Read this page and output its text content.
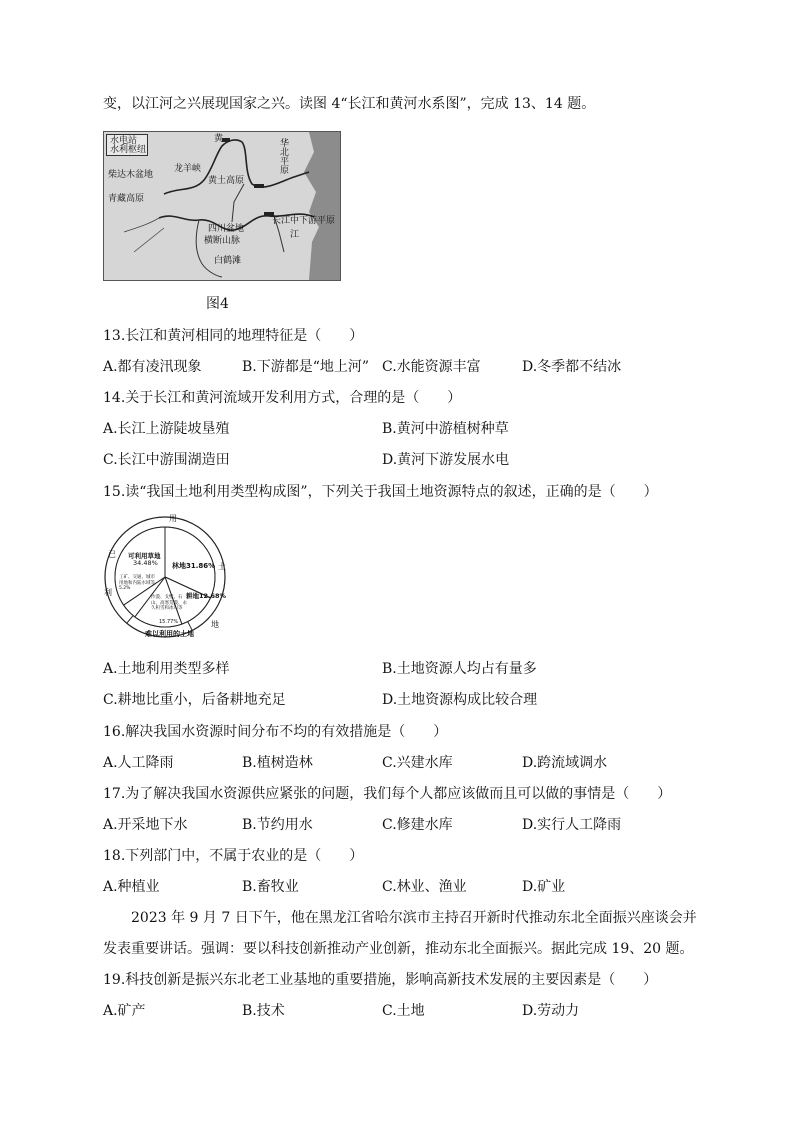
变，以江河之兴展现国家之兴。读图 4“长江和黄河水系图”，完成 13、14 题。
水电站
水利枢纽
黄	华北平原
龙羊峡
柴达木盆地
黄土高原
青藏高原
长江中下游平原
四川盆地
横断山脉
江
白鹤滩
图4
13.长江和黄河相同的地理特征是（　　）
A.都有凌汛现象	B.下游都是“地上河” C.水能资源丰富	D.冬季都不结冰
14.关于长江和黄河流域开发利用方式，合理的是（　　）
A.长江上游陡坡垦殖	B.黄河中游植树种草
C.长江中游围湖造田	D.黄河下游发展水电
15.读“我国土地利用类型构成图”，下列关于我国土地资源特点的叙述，正确的是（　　）
用
已
利
土
地
可利用草地
34.48% 林地31.86%
耕地12.68%
工矿、交通、城市用地和内陆水域等5.2%
沙漠、戈壁、石山、高寒荒漠、永久积雪和冰川等
15.77%
难以利用的土地
A.土地利用类型多样	B.土地资源人均占有量多
C.耕地比重小，后备耕地充足	D.土地资源构成比较合理
16.解决我国水资源时间分布不均的有效措施是（　　）
A.人工降雨	B.植树造林	C.兴建水库	D.跨流域调水
17.为了解决我国水资源供应紧张的问题，我们每个人都应该做而且可以做的事情是（　　）
A.开采地下水	B.节约用水	C.修建水库	D.实行人工降雨
18.下列部门中，不属于农业的是（　　）
A.种植业	B.畜牧业	C.林业、渔业	D.矿业
2023 年 9 月 7 日下午，他在黑龙江省哈尔滨市主持召开新时代推动东北全面振兴座谈会并
发表重要讲话。强调：要以科技创新推动产业创新，推动东北全面振兴。据此完成 19、20 题。
19.科技创新是振兴东北老工业基地的重要措施，影响高新技术发展的主要因素是（　　）
A.矿产	B.技术	C.土地	D.劳动力
